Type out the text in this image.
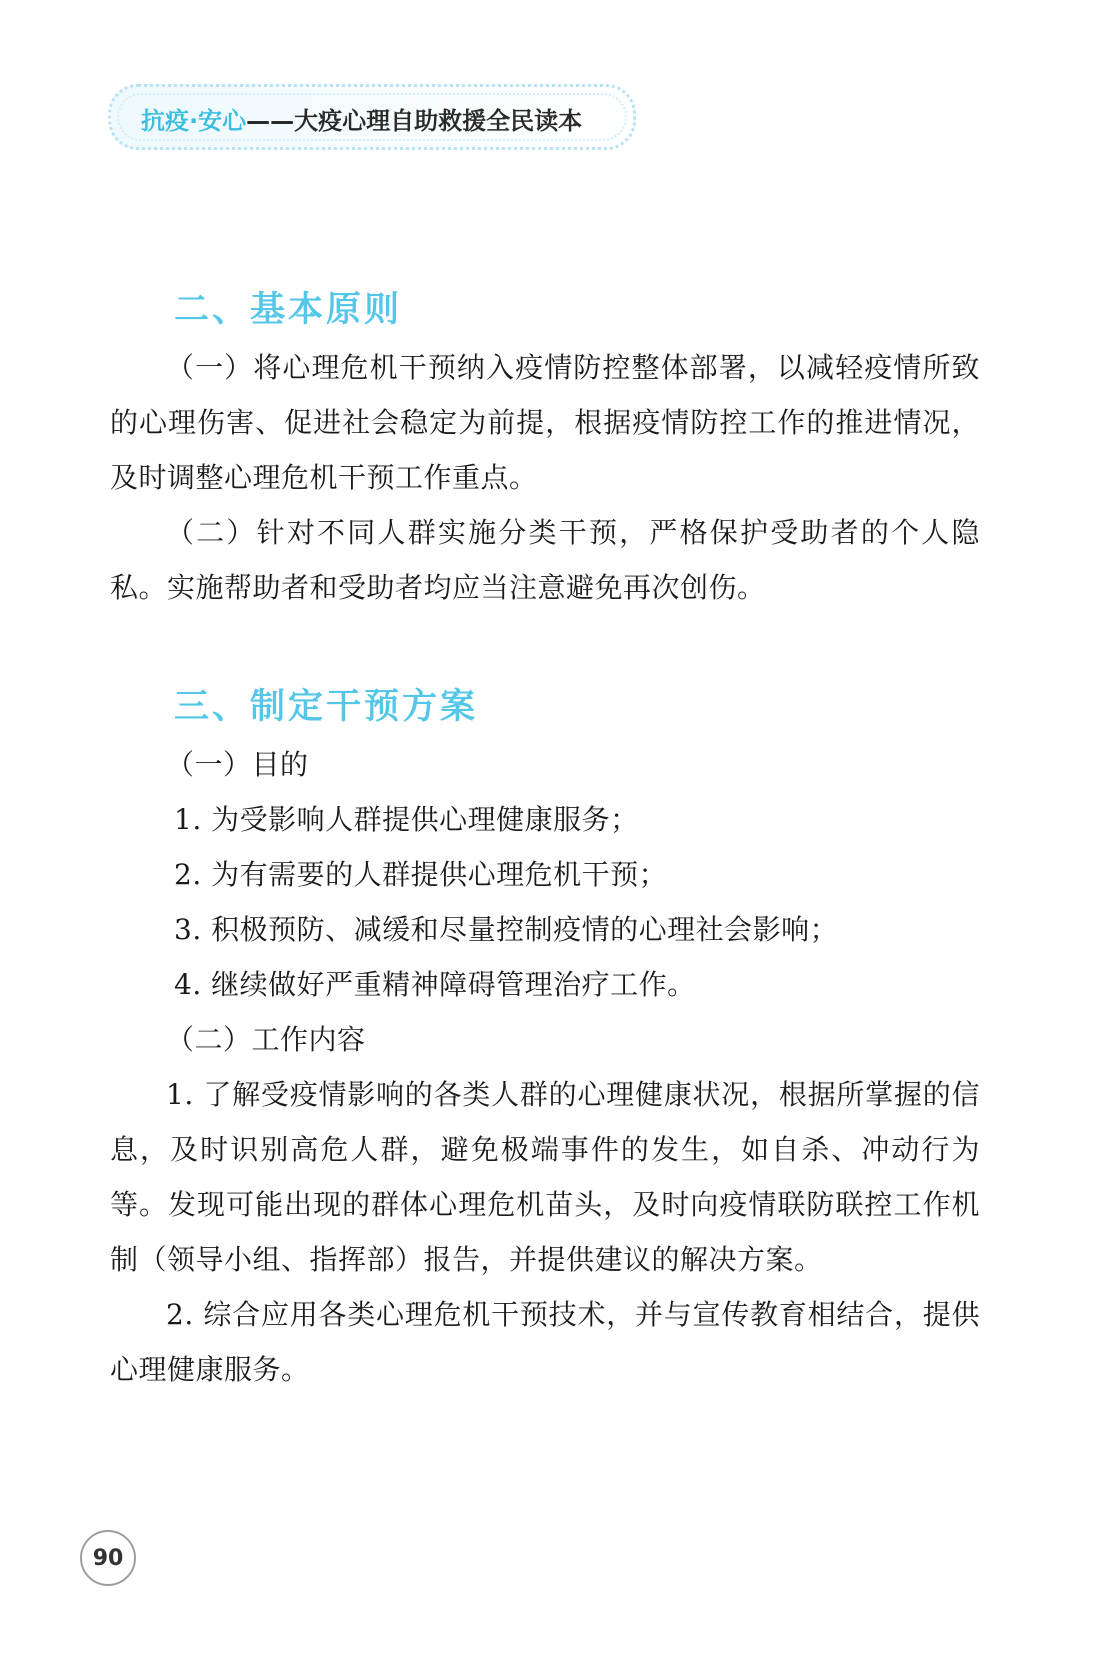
抗疫·安心——大疫心理自助救援全民读本
二、基本原则

（一）将心理危机干预纳入疫情防控整体部署，以减轻疫情所致的心理伤害、促进社会稳定为前提，根据疫情防控工作的推进情况，及时调整心理危机干预工作重点。

（二）针对不同人群实施分类干预，严格保护受助者的个人隐私。实施帮助者和受助者均应当注意避免再次创伤。

三、制定干预方案

（一）目的

1. 为受影响人群提供心理健康服务；

2. 为有需要的人群提供心理危机干预；

3. 积极预防、减缓和尽量控制疫情的心理社会影响；

4. 继续做好严重精神障碍管理治疗工作。

（二）工作内容

1. 了解受疫情影响的各类人群的心理健康状况，根据所掌握的信息，及时识别高危人群，避免极端事件的发生，如自杀、冲动行为等。发现可能出现的群体心理危机苗头，及时向疫情联防联控工作机制（领导小组、指挥部）报告，并提供建议的解决方案。

2. 综合应用各类心理危机干预技术，并与宣传教育相结合，提供心理健康服务。

90
